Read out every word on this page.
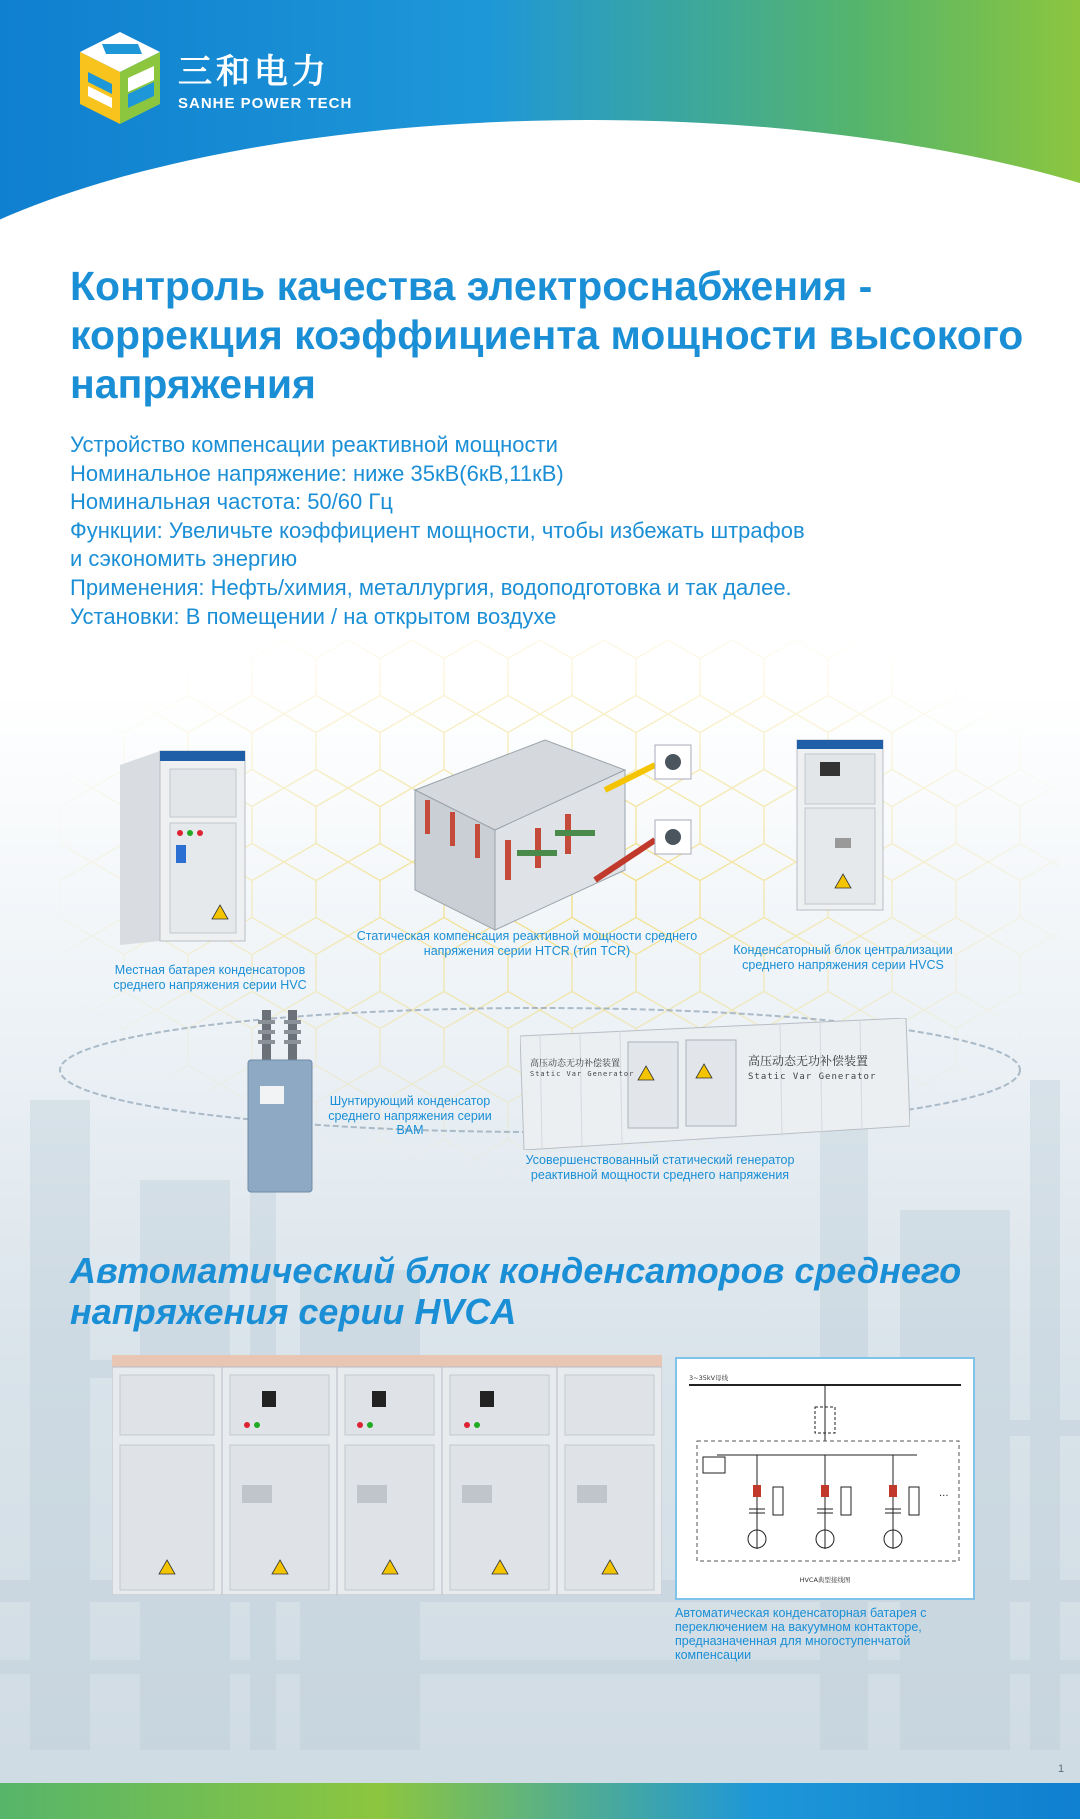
三和电力
SANHE POWER TECH
Контроль качества электроснабжения - коррекция коэффициента мощности высокого напряжения
Устройство компенсации реактивной мощности
Номинальное напряжение: ниже 35кВ(6кВ,11кВ)
Номинальная частота: 50/60 Гц
Функции: Увеличьте коэффициент мощности, чтобы избежать штрафов
и сэкономить энергию
Применения: Нефть/химия, металлургия, водоподготовка и так далее.
Установки: В помещении / на открытом воздухе
高压动态无功补偿装置
Static Var Generator
高压动态无功补偿装置
Static Var Generator
Местная батарея конденсаторов среднего напряжения серии HVC
Статическая компенсация реактивной мощности среднего напряжения серии HTCR (тип TCR)	Конденсаторный блок централизации среднего напряжения серии HVCS
Шунтирующий конденсатор среднего напряжения серии BAM
Усовершенствованный статический генератор реактивной мощности среднего напряжения
Автоматический блок конденсаторов среднего напряжения серии HVCA
3~35kV母线
···
HVCA典型接线图
Автоматическая конденсаторная батарея с переключением на вакуумном контакторе, предназначенная для многоступенчатой компенсации
1
